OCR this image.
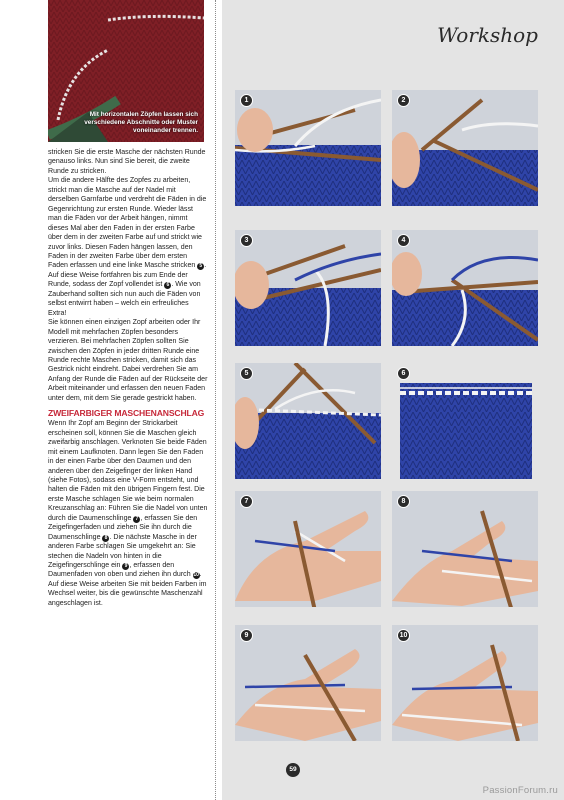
Mit horizontalen Zöpfen lassen sich verschiedene Abschnitte oder Muster voneinander trennen.

stricken Sie die erste Masche der nächsten Runde genauso links. Nun sind Sie bereit, die zweite Runde zu stricken.

Um die andere Hälfte des Zopfes zu arbeiten, strickt man die Masche auf der Nadel mit derselben Garnfarbe und verdreht die Fäden in die Gegenrichtung zur ersten Runde. Wieder lässt man die Fäden vor der Arbeit hängen, nimmt dieses Mal aber den Faden in der ersten Farbe über dem in der zweiten Farbe auf und strickt wie zuvor links. Diesen Faden hängen lassen, den Faden in der zweiten Farbe über dem ersten Faden erfassen und eine linke Masche stricken 5 . Auf diese Weise fortfahren bis zum Ende der Runde, sodass der Zopf vollendet ist 6 . Wie von Zauberhand sollten sich nun auch die Fäden von selbst entwirrt haben – welch ein erfreuliches Extra!

Sie können einen einzigen Zopf arbeiten oder Ihr Modell mit mehrfachen Zöpfen besonders verzieren. Bei mehrfachen Zöpfen sollten Sie zwischen den Zöpfen in jeder dritten Runde eine Runde rechte Maschen stricken, damit sich das Gestrick nicht eindreht. Dabei verdrehen Sie am Anfang der Runde die Fäden auf der Rückseite der Arbeit miteinander und erfassen den neuen Faden unter dem, mit dem Sie gerade gestrickt haben.

ZWEIFARBIGER MASCHENANSCHLAG

Wenn Ihr Zopf am Beginn der Strickarbeit erscheinen soll, können Sie die Maschen gleich zweifarbig anschlagen. Verknoten Sie beide Fäden mit einem Laufknoten. Dann legen Sie den Faden in der einen Farbe über den Daumen und den anderen über den Zeigefinger der linken Hand (siehe Fotos), sodass eine V-Form entsteht, und halten die Fäden mit den übrigen Fingern fest. Die erste Masche schlagen Sie wie beim normalen Kreuzanschlag an: Führen Sie die Nadel von unten durch die Daumenschlinge 7 , erfassen Sie den Zeigefingerfaden und ziehen Sie ihn durch die Daumenschlinge 8 . Die nächste Masche in der anderen Farbe schlagen Sie umgekehrt an: Sie stechen die Nadeln von hinten in die Zeigefingerschlinge ein 9 , erfassen den Daumenfaden von oben und ziehen ihn durch 10. Auf diese Weise arbeiten Sie mit beiden Farben im Wechsel weiter, bis die gewünschte Maschenzahl angeschlagen ist.

Workshop
1	2
3	4
5	6
7	8
9	10
59
PassionForum.ru
